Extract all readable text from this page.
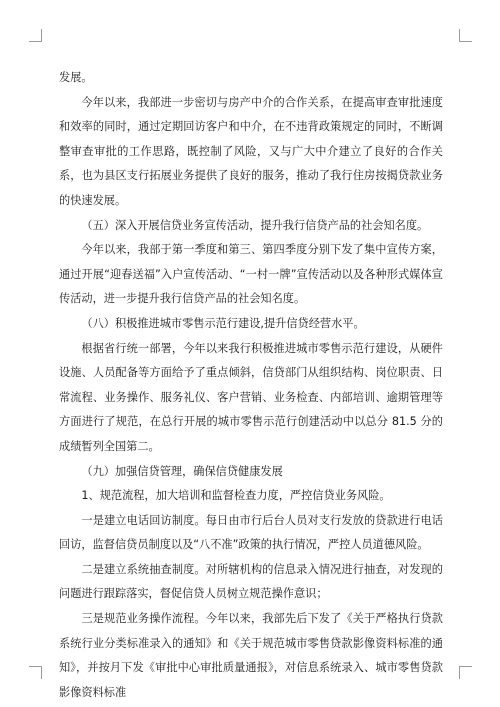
发展。

今年以来，我部进一步密切与房产中介的合作关系，在提高审查审批速度和效率的同时，通过定期回访客户和中介，在不违背政策规定的同时，不断调整审查审批的工作思路，既控制了风险，又与广大中介建立了良好的合作关系，也为县区支行拓展业务提供了良好的服务，推动了我行住房按揭贷款业务的快速发展。

（五）深入开展信贷业务宣传活动，提升我行信贷产品的社会知名度。

今年以来，我部于第一季度和第三、第四季度分别下发了集中宣传方案，通过开展“迎春送福”入户宣传活动、“一村一牌”宣传活动以及各种形式媒体宣传活动，进一步提升我行信贷产品的社会知名度。

（八）积极推进城市零售示范行建设,提升信贷经营水平。

根据省行统一部署，今年以来我行积极推进城市零售示范行建设，从硬件设施、人员配备等方面给予了重点倾斜，信贷部门从组织结构、岗位职责、日常流程、业务操作、服务礼仪、客户营销、业务检查、内部培训、逾期管理等方面进行了规范，在总行开展的城市零售示范行创建活动中以总分 81.5 分的成绩暂列全国第二。

（九）加强信贷管理，确保信贷健康发展

1、规范流程，加大培训和监督检查力度，严控信贷业务风险。

一是建立电话回访制度。每日由市行后台人员对支行发放的贷款进行电话回访，监督信贷员制度以及“八不准”政策的执行情况，严控人员道德风险。

二是建立系统抽查制度。对所辖机构的信息录入情况进行抽查，对发现的问题进行跟踪落实，督促信贷人员树立规范操作意识；

三是规范业务操作流程。今年以来，我部先后下发了《关于严格执行贷款系统行业分类标准录入的通知》和《关于规范城市零售贷款影像资料标准的通知》，并按月下发《审批中心审批质量通报》，对信息系统录入、城市零售贷款影像资料标准
